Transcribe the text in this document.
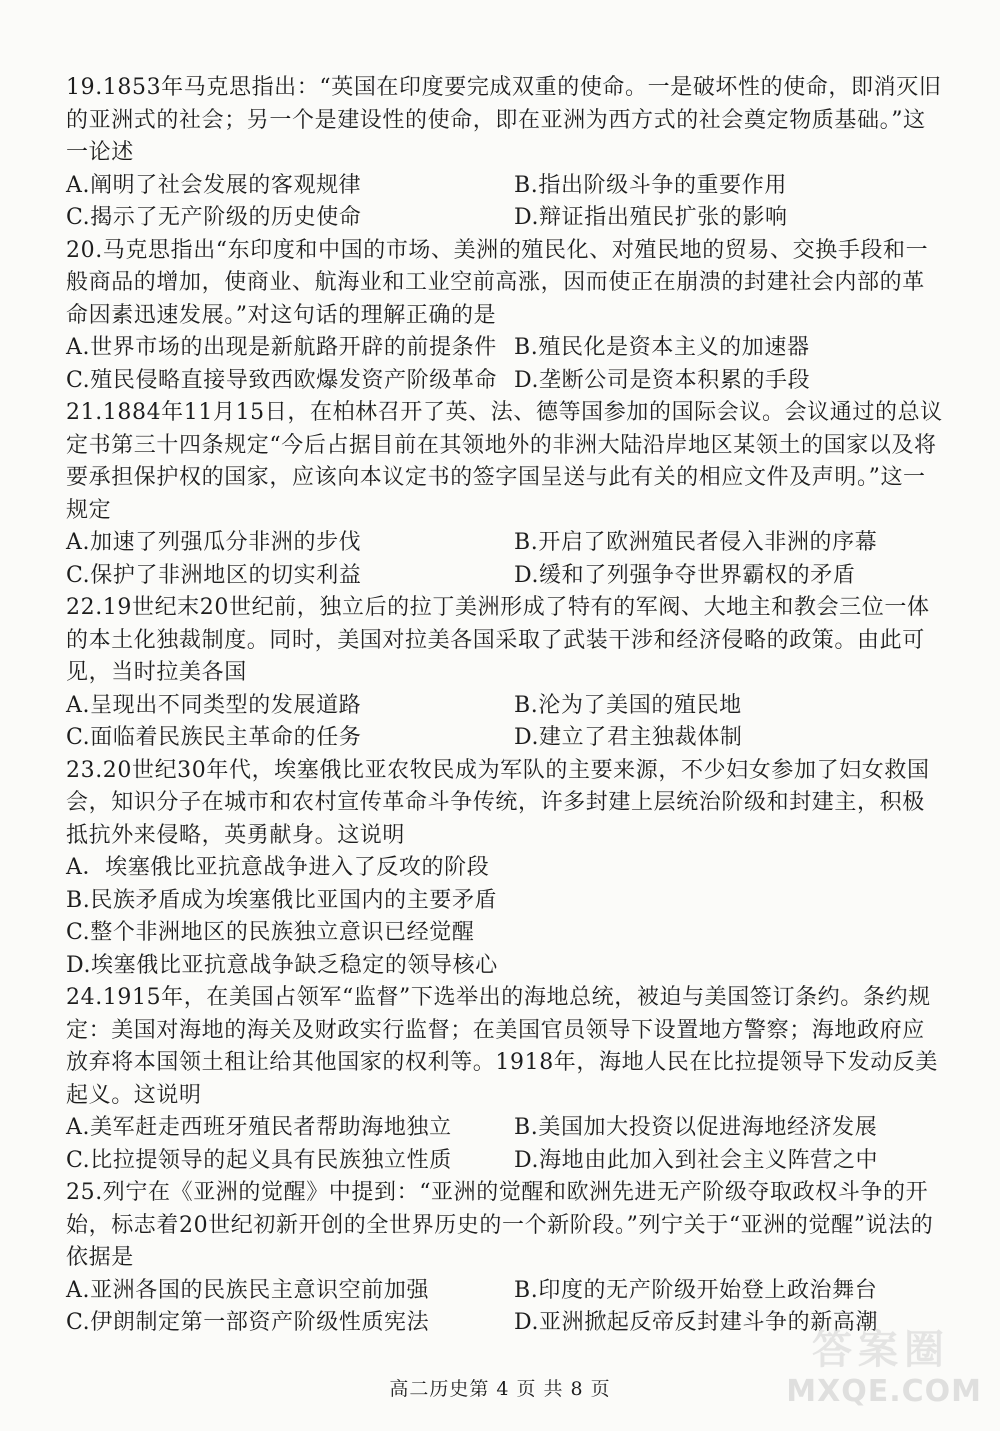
19.1853年马克思指出：“英国在印度要完成双重的使命。一是破坏性的使命，即消灭旧的亚洲式的社会；另一个是建设性的使命，即在亚洲为西方式的社会奠定物质基础。”这一论述

A.阐明了社会发展的客观规律	B.指出阶级斗争的重要作用
C.揭示了无产阶级的历史使命	D.辩证指出殖民扩张的影响

20.马克思指出“东印度和中国的市场、美洲的殖民化、对殖民地的贸易、交换手段和一般商品的增加，使商业、航海业和工业空前高涨，因而使正在崩溃的封建社会内部的革命因素迅速发展。”对这句话的理解正确的是

A.世界市场的出现是新航路开辟的前提条件 B.殖民化是资本主义的加速器
C.殖民侵略直接导致西欧爆发资产阶级革命 D.垄断公司是资本积累的手段

21.1884年11月15日，在柏林召开了英、法、德等国参加的国际会议。会议通过的总议定书第三十四条规定“今后占据目前在其领地外的非洲大陆沿岸地区某领土的国家以及将要承担保护权的国家，应该向本议定书的签字国呈送与此有关的相应文件及声明。”这一规定

A.加速了列强瓜分非洲的步伐	B.开启了欧洲殖民者侵入非洲的序幕
C.保护了非洲地区的切实利益	D.缓和了列强争夺世界霸权的矛盾

22.19世纪末20世纪前，独立后的拉丁美洲形成了特有的军阀、大地主和教会三位一体的本土化独裁制度。同时，美国对拉美各国采取了武装干涉和经济侵略的政策。由此可见，当时拉美各国

A.呈现出不同类型的发展道路	B.沦为了美国的殖民地
C.面临着民族民主革命的任务	D.建立了君主独裁体制

23.20世纪30年代，埃塞俄比亚农牧民成为军队的主要来源，不少妇女参加了妇女救国会，知识分子在城市和农村宣传革命斗争传统，许多封建上层统治阶级和封建主，积极抵抗外来侵略，英勇献身。这说明

A．埃塞俄比亚抗意战争进入了反攻的阶段
B.民族矛盾成为埃塞俄比亚国内的主要矛盾
C.整个非洲地区的民族独立意识已经觉醒
D.埃塞俄比亚抗意战争缺乏稳定的领导核心

24.1915年，在美国占领军“监督”下选举出的海地总统，被迫与美国签订条约。条约规定：美国对海地的海关及财政实行监督；在美国官员领导下设置地方警察；海地政府应放弃将本国领土租让给其他国家的权利等。1918年，海地人民在比拉提领导下发动反美起义。这说明

A.美军赶走西班牙殖民者帮助海地独立	B.美国加大投资以促进海地经济发展
C.比拉提领导的起义具有民族独立性质	D.海地由此加入到社会主义阵营之中

25.列宁在《亚洲的觉醒》中提到：“亚洲的觉醒和欧洲先进无产阶级夺取政权斗争的开始，标志着20世纪初新开创的全世界历史的一个新阶段。”列宁关于“亚洲的觉醒”说法的依据是

A.亚洲各国的民族民主意识空前加强	B.印度的无产阶级开始登上政治舞台
C.伊朗制定第一部资产阶级性质宪法	D.亚洲掀起反帝反封建斗争的新高潮
高二历史第 4 页 共 8 页
答案圈
MXQE.COM
